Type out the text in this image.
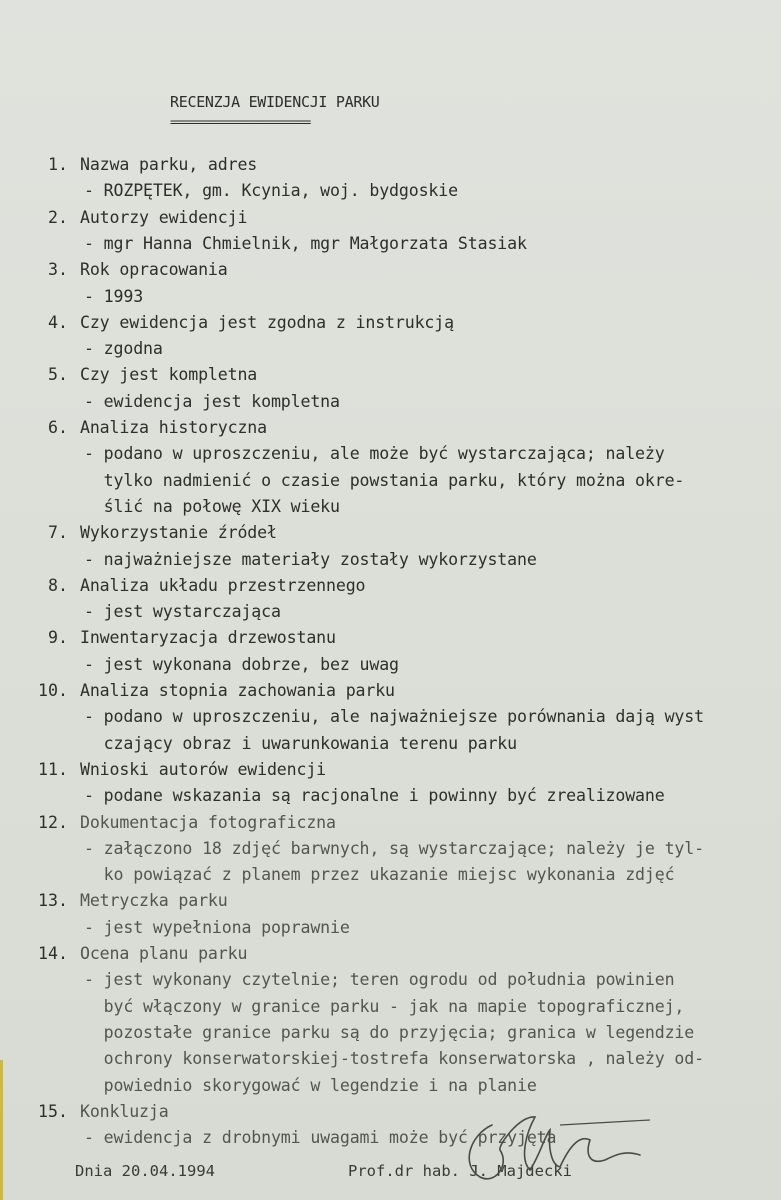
RECENZJA EWIDENCJI PARKU
========================
1. Nazwa parku, adres
- ROZPĘTEK, gm. Kcynia, woj. bydgoskie
2. Autorzy ewidencji
- mgr Hanna Chmielnik, mgr Małgorzata Stasiak
3. Rok opracowania
- 1993
4. Czy ewidencja jest zgodna z instrukcją
- zgodna
5. Czy jest kompletna
- ewidencja jest kompletna
6. Analiza historyczna
- podano w uproszczeniu, ale może być wystarczająca; należy
tylko nadmienić o czasie powstania parku, który można okre-
ślić na połowę XIX wieku
7. Wykorzystanie źródeł
- najważniejsze materiały zostały wykorzystane
8. Analiza układu przestrzennego
- jest wystarczająca
9. Inwentaryzacja drzewostanu
- jest wykonana dobrze, bez uwag
10. Analiza stopnia zachowania parku
- podano w uproszczeniu, ale najważniejsze porównania dają wyst
czający obraz i uwarunkowania terenu parku
11. Wnioski autorów ewidencji
- podane wskazania są racjonalne i powinny być zrealizowane
12. Dokumentacja fotograficzna
- załączono 18 zdjęć barwnych, są wystarczające; należy je tyl-
ko powiązać z planem przez ukazanie miejsc wykonania zdjęć
13. Metryczka parku
- jest wypełniona poprawnie
14. Ocena planu parku
- jest wykonany czytelnie; teren ogrodu od południa powinien
być włączony w granice parku - jak na mapie topograficznej,
pozostałe granice parku są do przyjęcia; granica w legendzie
ochrony konserwatorskiej-tostrefa konserwatorska , należy od-
powiednio skorygować w legendzie i na planie
15. Konkluzja
- ewidencja z drobnymi uwagami może być przyjęta
Dnia 20.04.1994	Prof.dr hab. J. Majdecki
